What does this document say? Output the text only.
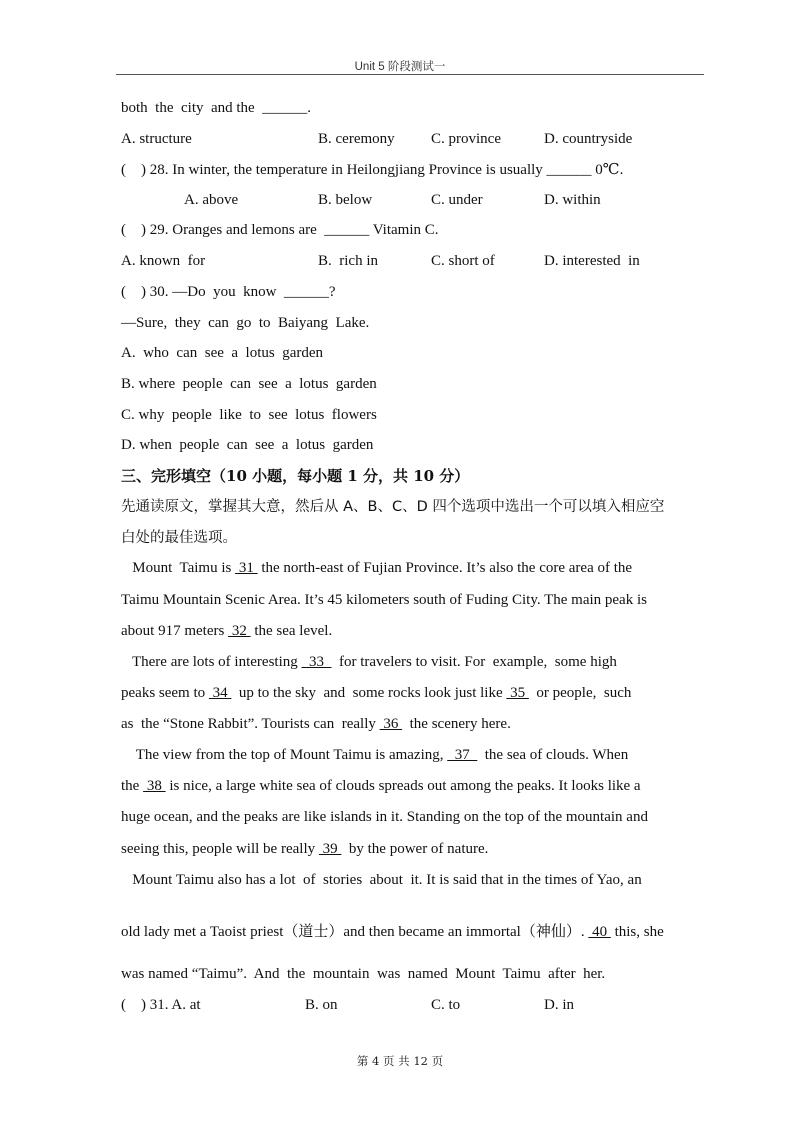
Unit 5 阶段测试一
both  the  city  and the  ______.
A. structure	B. ceremony C. province	D. countryside
(    ) 28. In winter, the temperature in Heilongjiang Province is usually ______ 0℃.
A. above	B. below	C. under	D. within
(    ) 29. Oranges and lemons are  ______ Vitamin C.
A. known  for	B.  rich in	C. short of	D. interested  in
(    ) 30. —Do  you  know  ______?
—Sure,  they  can  go  to  Baiyang  Lake.
A.  who  can  see  a  lotus  garden
B. where  people  can  see  a  lotus  garden
C. why  people  like  to  see  lotus  flowers
D. when  people  can  see  a  lotus  garden
三、完形填空（10 小题，每小题 1 分，共 10 分）
先通读原文，掌握其大意，然后从 A、B、C、D 四个选项中选出一个可以填入相应空
白处的最佳选项。
Mount  Taimu is  31  the north-east of Fujian Province. It’s also the core area of the
Taimu Mountain Scenic Area. It’s 45 kilometers south of Fuding City. The main peak is
about 917 meters  32  the sea level.
There are lots of interesting   33    for travelers to visit. For  example,  some high
peaks seem to  34   up to the sky  and  some rocks look just like  35   or people,  such
as  the “Stone Rabbit”. Tourists can  really  36   the scenery here.
The view from the top of Mount Taimu is amazing,   37    the sea of clouds. When
the  38  is nice, a large white sea of clouds spreads out among the peaks. It looks like a
huge ocean, and the peaks are like islands in it. Standing on the top of the mountain and
seeing this, people will be really  39   by the power of nature.
Mount Taimu also has a lot  of  stories  about  it. It is said that in the times of Yao, an
old lady met a Taoist priest（道士）and then became an immortal（神仙）.  40  this, she
was named “Taimu”.  And  the  mountain  was  named  Mount  Taimu  after  her.
(    ) 31. A. at	B. on	C. to	D. in
第 4 页 共 12 页
